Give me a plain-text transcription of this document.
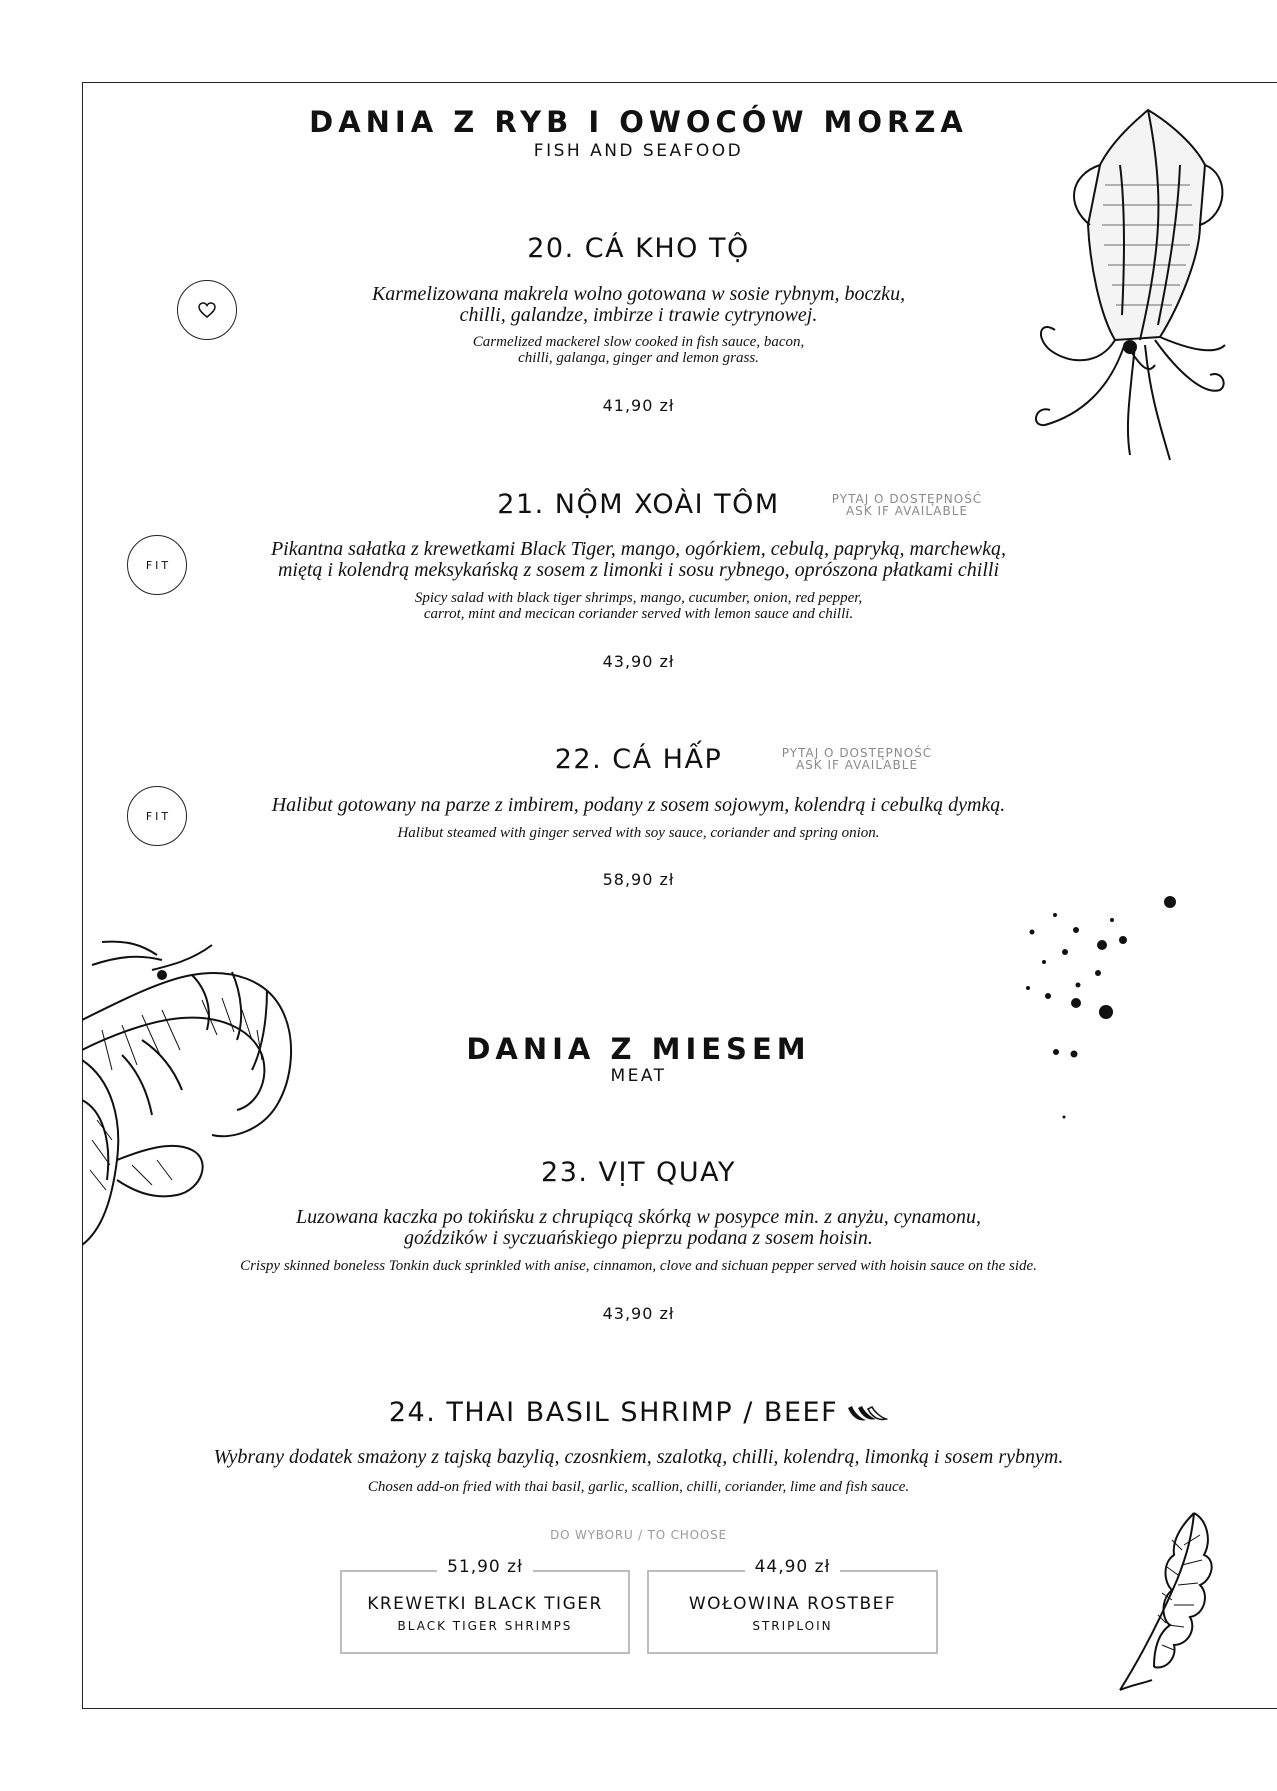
DANIA Z RYB I OWOCÓW MORZA
FISH AND SEAFOOD
20. CÁ KHO TỘ
Karmelizowana makrela wolno gotowana w sosie rybnym, boczku,
chilli, galandze, imbirze i trawie cytrynowej.
Carmelized mackerel slow cooked in fish sauce, bacon,
chilli, galanga, ginger and lemon grass.
41,90 zł
21. NỘM XOÀI TÔM	PYTAJ O DOSTĘPNOŚĆ
ASK IF AVAILABLE
FIT
Pikantna sałatka z krewetkami Black Tiger, mango, ogórkiem, cebulą, papryką, marchewką,
miętą i kolendrą meksykańską z sosem z limonki i sosu rybnego, oprószona płatkami chilli
Spicy salad with black tiger shrimps, mango, cucumber, onion, red pepper,
carrot, mint and mecican coriander served with lemon sauce and chilli.
43,90 zł
22. CÁ HẤP	PYTAJ O DOSTĘPNOŚĆ
ASK IF AVAILABLE
FIT	Halibut gotowany na parze z imbirem, podany z sosem sojowym, kolendrą i cebulką dymką.
Halibut steamed with ginger served with soy sauce, coriander and spring onion.
58,90 zł
DANIA Z MIESEM
MEAT
23. VỊT QUAY
Luzowana kaczka po tokińsku z chrupiącą skórką w posypce min. z anyżu, cynamonu,
goździków i syczuańskiego pieprzu podana z sosem hoisin.
Crispy skinned boneless Tonkin duck sprinkled with anise, cinnamon, clove and sichuan pepper served with hoisin sauce on the side.
43,90 zł
24. THAI BASIL SHRIMP / BEEF
Wybrany dodatek smażony z tajską bazylią, czosnkiem, szalotką, chilli, kolendrą, limonką i sosem rybnym.
Chosen add-on fried with thai basil, garlic, scallion, chilli, coriander, lime and fish sauce.
DO WYBORU / TO CHOOSE
51,90 zł
KREWETKI BLACK TIGER
BLACK TIGER SHRIMPS
44,90 zł
WOŁOWINA ROSTBEF
STRIPLOIN
